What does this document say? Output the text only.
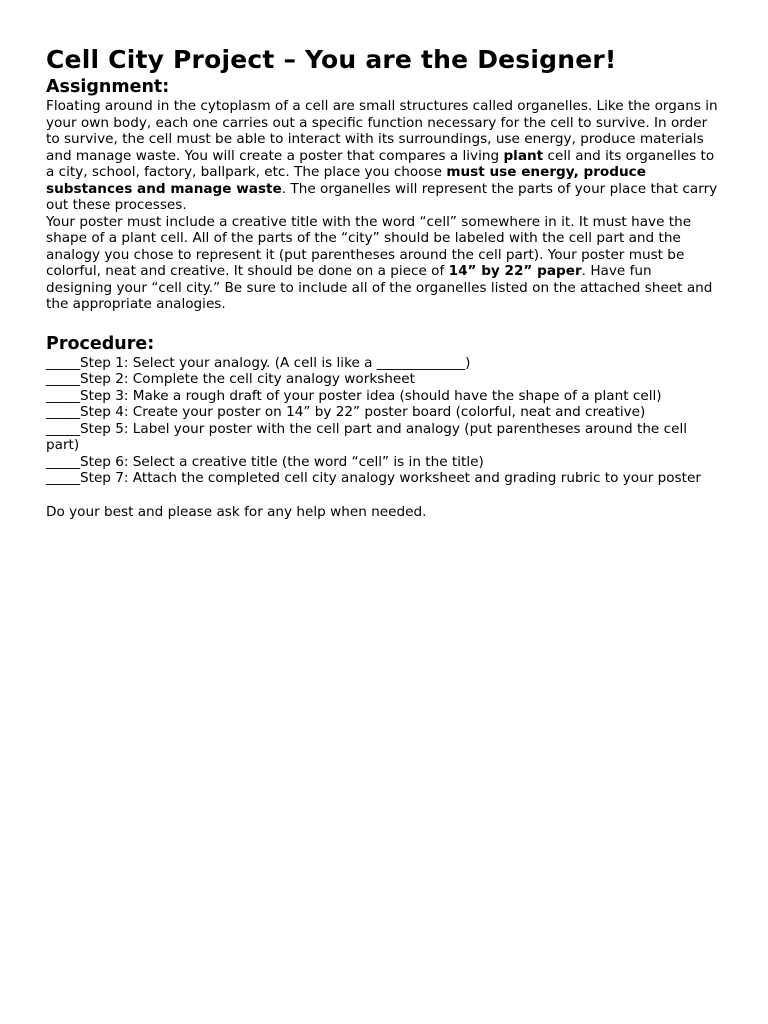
Cell City Project – You are the Designer!
Assignment:

Floating around in the cytoplasm of a cell are small structures called organelles. Like the organs in your own body, each one carries out a specific function necessary for the cell to survive. In order to survive, the cell must be able to interact with its surroundings, use energy, produce materials and manage waste. You will create a poster that compares a living plant cell and its organelles to a city, school, factory, ballpark, etc. The place you choose must use energy, produce substances and manage waste. The organelles will represent the parts of your place that carry out these processes.

Your poster must include a creative title with the word “cell” somewhere in it. It must have the shape of a plant cell. All of the parts of the “city” should be labeled with the cell part and the analogy you chose to represent it (put parentheses around the cell part). Your poster must be colorful, neat and creative. It should be done on a piece of 14” by 22” paper. Have fun designing your “cell city.” Be sure to include all of the organelles listed on the attached sheet and the appropriate analogies.

Procedure:
_____Step 1: Select your analogy. (A cell is like a _____________)
_____Step 2: Complete the cell city analogy worksheet
_____Step 3: Make a rough draft of your poster idea (should have the shape of a plant cell)
_____Step 4: Create your poster on 14” by 22” poster board (colorful, neat and creative)
_____Step 5: Label your poster with the cell part and analogy (put parentheses around the cell part)
_____Step 6: Select a creative title (the word “cell” is in the title)
_____Step 7: Attach the completed cell city analogy worksheet and grading rubric to your poster

Do your best and please ask for any help when needed.
